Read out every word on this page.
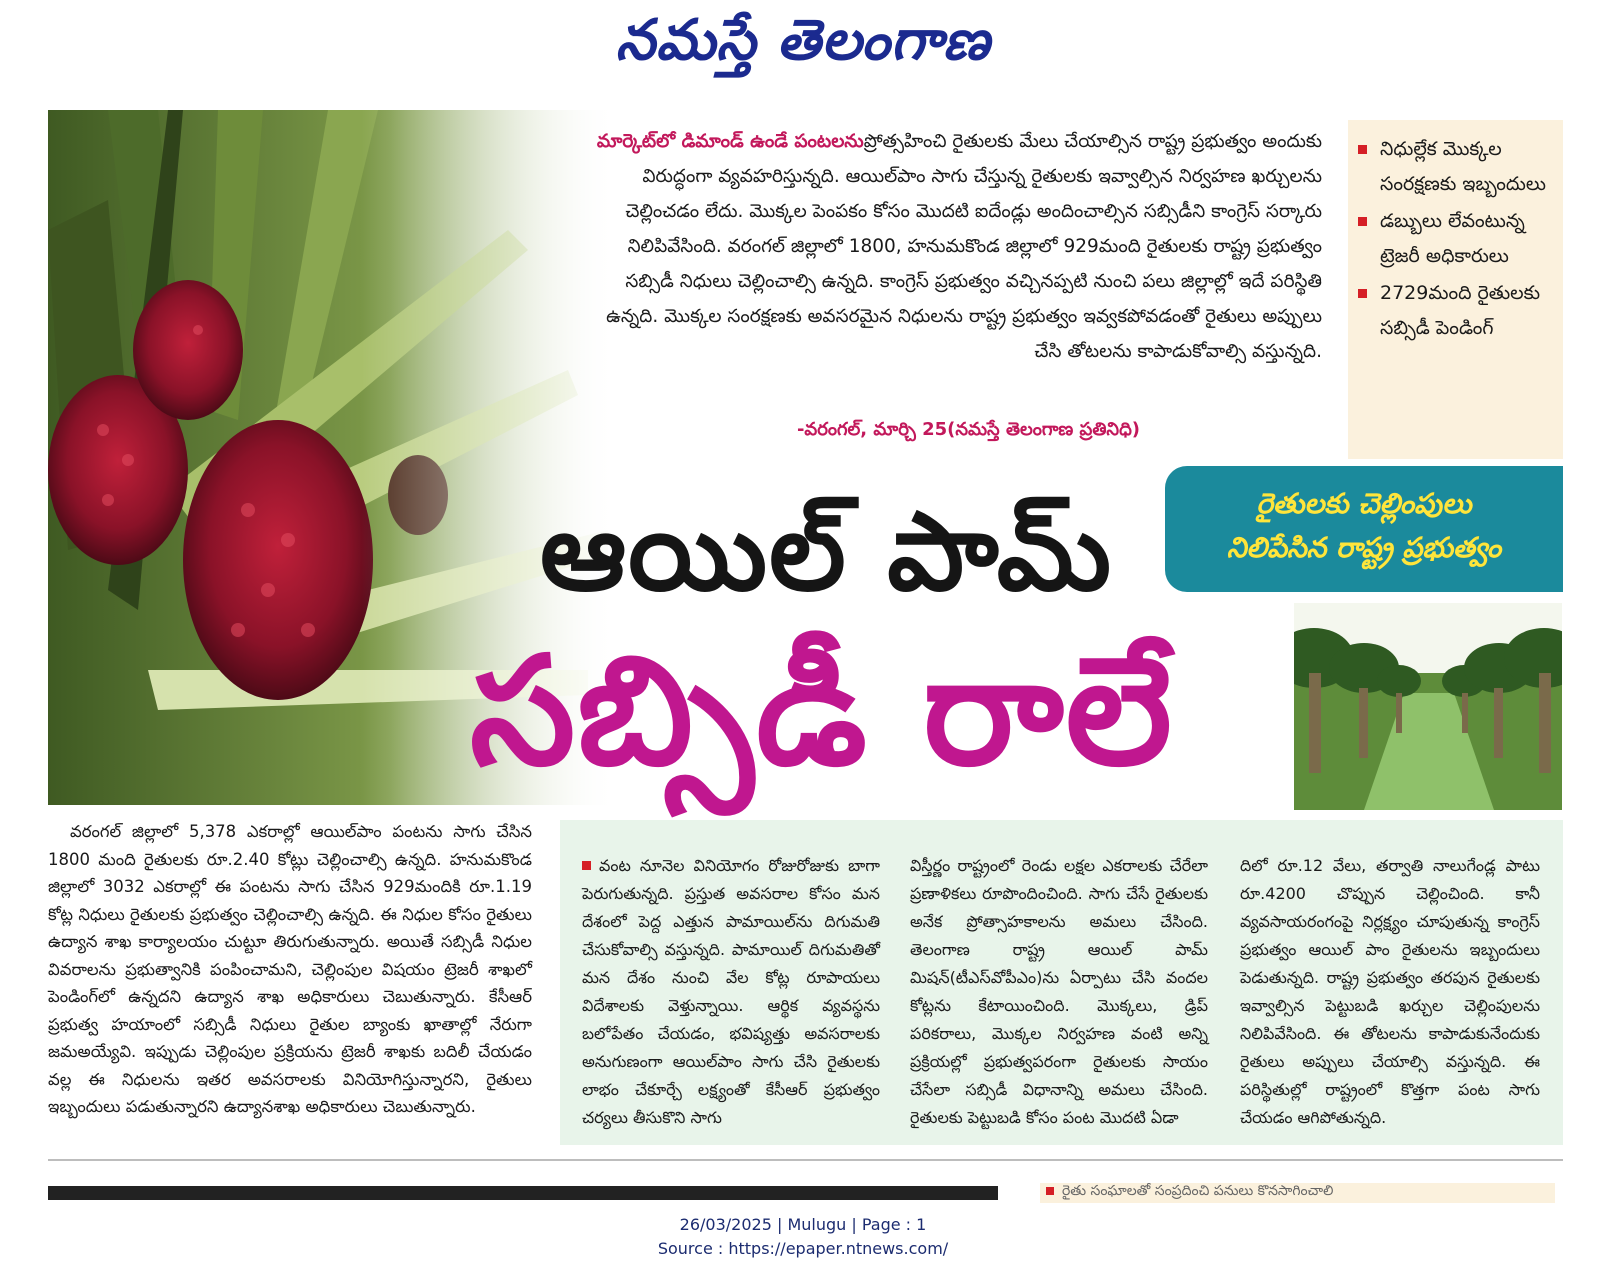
నమస్తే తెలంగాణ
మార్కెట్‌లో డిమాండ్ ఉండే పంటలనుప్రోత్సహించి రైతులకు మేలు చేయాల్సిన రాష్ట్ర ప్రభుత్వం అందుకు విరుద్ధంగా వ్యవహరిస్తున్నది. ఆయిల్‌పాం సాగు చేస్తున్న రైతులకు ఇవ్వాల్సిన నిర్వహణ ఖర్చులను చెల్లించడం లేదు. మొక్కల పెంపకం కోసం మొదటి ఐదేండ్లు అందించాల్సిన సబ్సిడీని కాంగ్రెస్ సర్కారు నిలిపివేసింది. వరంగల్ జిల్లాలో 1800, హనుమకొండ జిల్లాలో 929మంది రైతులకు రాష్ట్ర ప్రభుత్వం సబ్సిడీ నిధులు చెల్లించాల్సి ఉన్నది. కాంగ్రెస్ ప్రభుత్వం వచ్చినప్పటి నుంచి పలు జిల్లాల్లో ఇదే పరిస్థితి ఉన్నది. మొక్కల సంరక్షణకు అవసరమైన నిధులను రాష్ట్ర ప్రభుత్వం ఇవ్వకపోవడంతో రైతులు అప్పులు చేసి తోటలను కాపాడుకోవాల్సి వస్తున్నది.
-వరంగల్, మార్చి 25(నమస్తే తెలంగాణ ప్రతినిధి)
నిధుల్లేక మొక్కల సంరక్షణకు ఇబ్బందులు
డబ్బులు లేవంటున్న ట్రెజరీ అధికారులు
2729మంది రైతులకు సబ్సిడీ పెండింగ్
రైతులకు చెల్లింపులు
నిలిపేసిన రాష్ట్ర ప్రభుత్వం
ఆయిల్ పామ్
సబ్సిడీ రాలే

వరంగల్ జిల్లాలో 5,378 ఎకరాల్లో ఆయిల్‌పాం పంటను సాగు చేసిన 1800 మంది రైతులకు రూ.2.40 కోట్లు చెల్లించాల్సి ఉన్నది. హనుమకొండ జిల్లాలో 3032 ఎకరాల్లో ఈ పంటను సాగు చేసిన 929మందికి రూ.1.19 కోట్ల నిధులు రైతులకు ప్రభుత్వం చెల్లించాల్సి ఉన్నది. ఈ నిధుల కోసం రైతులు ఉద్యాన శాఖ కార్యాలయం చుట్టూ తిరుగుతున్నారు. అయితే సబ్సిడీ నిధుల వివరాలను ప్రభుత్వానికి పంపించామని, చెల్లింపుల విషయం ట్రెజరీ శాఖలో పెండింగ్‌లో ఉన్నదని ఉద్యాన శాఖ అధికారులు చెబుతున్నారు. కేసీఆర్ ప్రభుత్వ హయాంలో సబ్సిడీ నిధులు రైతుల బ్యాంకు ఖాతాల్లో నేరుగా జమఅయ్యేవి. ఇప్పుడు చెల్లింపుల ప్రక్రియను ట్రెజరీ శాఖకు బదిలీ చేయడం వల్ల ఈ నిధులను ఇతర అవసరాలకు వినియోగిస్తున్నారని, రైతులు ఇబ్బందులు పడుతున్నారని ఉద్యానశాఖ అధికారులు చెబుతున్నారు.

వంట నూనెల వినియోగం రోజురోజుకు బాగా పెరుగుతున్నది. ప్రస్తుత అవసరాల కోసం మన దేశంలో పెద్ద ఎత్తున పామాయిల్‌ను దిగుమతి చేసుకోవాల్సి వస్తున్నది. పామాయిల్ దిగుమతితో మన దేశం నుంచి వేల కోట్ల రూపాయలు విదేశాలకు వెళ్తున్నాయి. ఆర్థిక వ్యవస్థను బలోపేతం చేయడం, భవిష్యత్తు అవసరాలకు అనుగుణంగా ఆయిల్‌పాం సాగు చేసి రైతులకు లాభం చేకూర్చే లక్ష్యంతో కేసీఆర్ ప్రభుత్వం చర్యలు తీసుకొని సాగు

విస్తీర్ణం రాష్ట్రంలో రెండు లక్షల ఎకరాలకు చేరేలా ప్రణాళికలు రూపొందించింది. సాగు చేసే రైతులకు అనేక ప్రోత్సాహకాలను అమలు చేసింది. తెలంగాణ రాష్ట్ర ఆయిల్ పామ్ మిషన్(టీఎస్‌వోపీఎం)ను ఏర్పాటు చేసి వందల కోట్లను కేటాయించింది. మొక్కలు, డ్రిప్ పరికరాలు, మొక్కల నిర్వహణ వంటి అన్ని ప్రక్రియల్లో ప్రభుత్వపరంగా రైతులకు సాయం చేసేలా సబ్సిడీ విధానాన్ని అమలు చేసింది. రైతులకు పెట్టుబడి కోసం పంట మొదటి ఏడా

దిలో రూ.12 వేలు, తర్వాతి నాలుగేండ్ల పాటు రూ.4200 చొప్పున చెల్లించింది. కానీ వ్యవసాయరంగంపై నిర్లక్ష్యం చూపుతున్న కాంగ్రెస్ ప్రభుత్వం ఆయిల్ పాం రైతులను ఇబ్బందులు పెడుతున్నది. రాష్ట్ర ప్రభుత్వం తరపున రైతులకు ఇవ్వాల్సిన పెట్టుబడి ఖర్చుల చెల్లింపులను నిలిపివేసింది. ఈ తోటలను కాపాడుకునేందుకు రైతులు అప్పులు చేయాల్సి వస్తున్నది. ఈ పరిస్థితుల్లో రాష్ట్రంలో కొత్తగా పంట సాగు చేయడం ఆగిపోతున్నది.

రైతు సంఘాలతో సంప్రదించి పనులు కొనసాగించాలి
26/03/2025 | Mulugu | Page : 1
Source : https://epaper.ntnews.com/
